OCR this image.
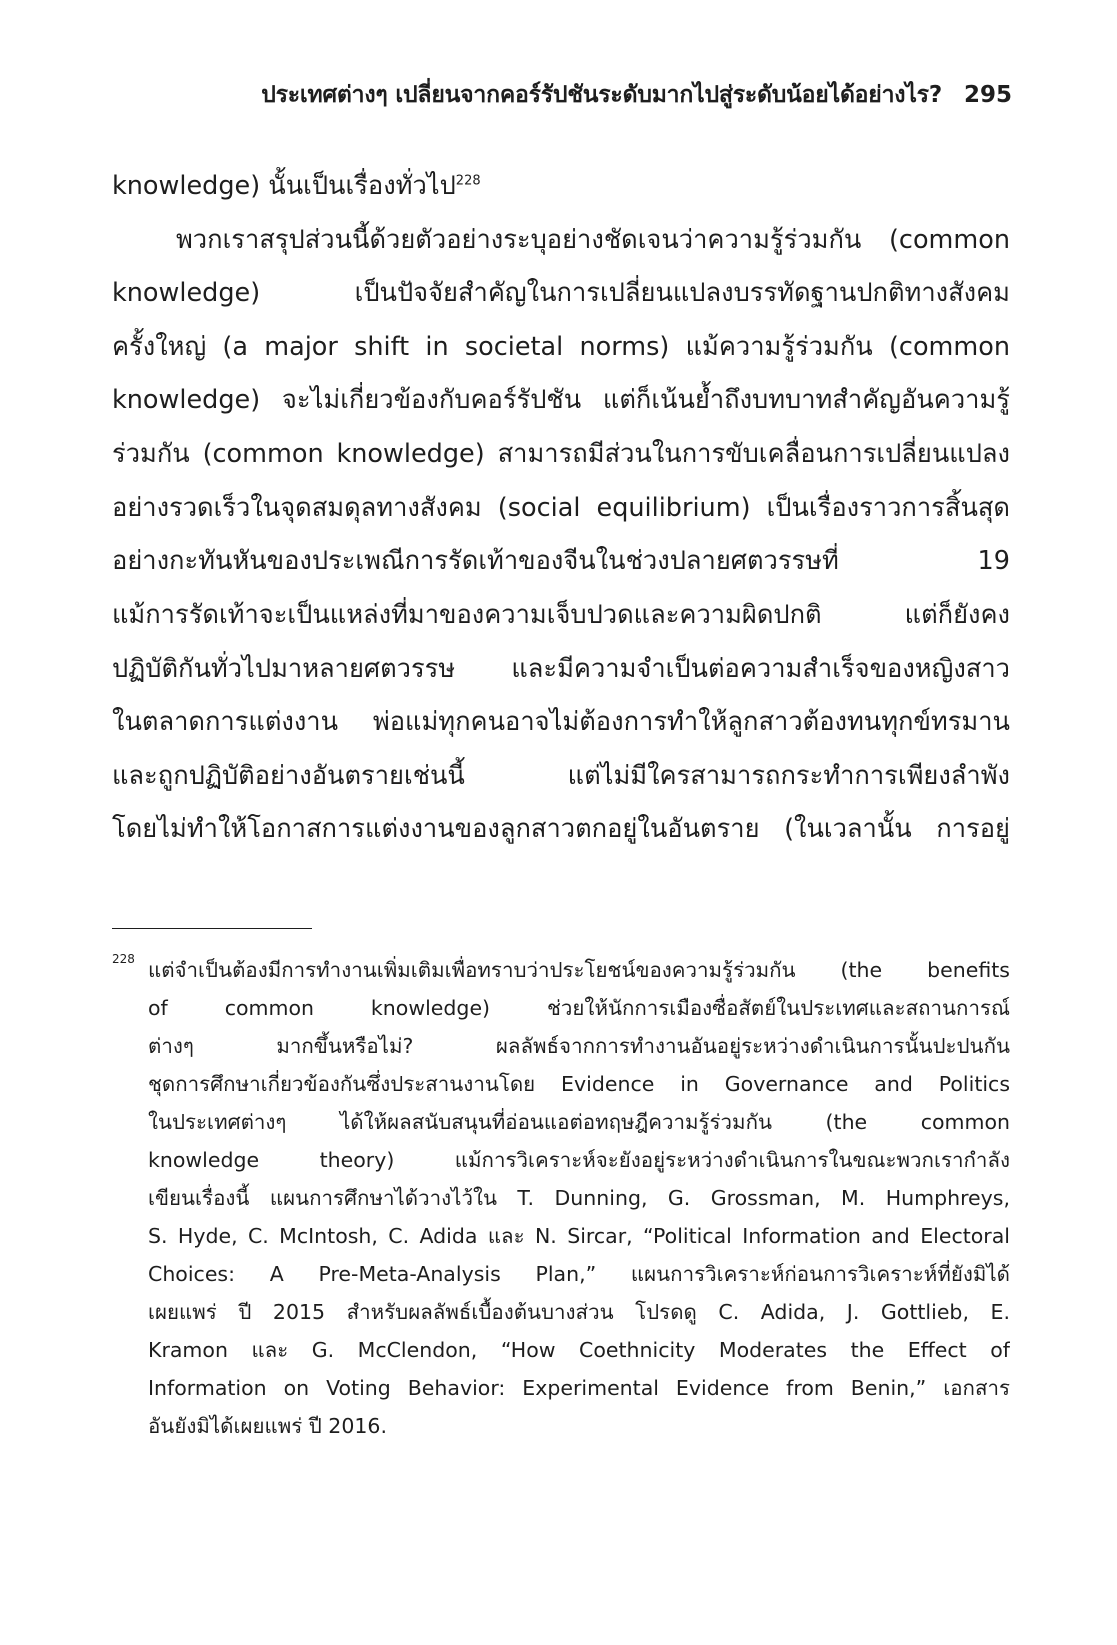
ประเทศต่างๆ เปลี่ยนจากคอร์รัปชันระดับมากไปสู่ระดับน้อยได้อย่างไร? 295
knowledge) นั้นเป็นเรื่องทั่วไป$^{228}$
พวกเราสรุปส่วนนี้ด้วยตัวอย่างระบุอย่างชัดเจนว่าความรู้ร่วมกัน (common
knowledge) เป็นปัจจัยสำคัญในการเปลี่ยนแปลงบรรทัดฐานปกติทางสังคม
ครั้งใหญ่ (a major shift in societal norms) แม้ความรู้ร่วมกัน (common
knowledge) จะไม่เกี่ยวข้องกับคอร์รัปชัน แต่ก็เน้นย้ำถึงบทบาทสำคัญอันความรู้
ร่วมกัน (common knowledge) สามารถมีส่วนในการขับเคลื่อนการเปลี่ยนแปลง
อย่างรวดเร็วในจุดสมดุลทางสังคม (social equilibrium) เป็นเรื่องราวการสิ้นสุด
อย่างกะทันหันของประเพณีการรัดเท้าของจีนในช่วงปลายศตวรรษที่ 19
แม้การรัดเท้าจะเป็นแหล่งที่มาของความเจ็บปวดและความผิดปกติ แต่ก็ยังคง
ปฏิบัติกันทั่วไปมาหลายศตวรรษ และมีความจำเป็นต่อความสำเร็จของหญิงสาว
ในตลาดการแต่งงาน พ่อแม่ทุกคนอาจไม่ต้องการทำให้ลูกสาวต้องทนทุกข์ทรมาน
และถูกปฏิบัติอย่างอันตรายเช่นนี้ แต่ไม่มีใครสามารถกระทำการเพียงลำพัง
โดยไม่ทำให้โอกาสการแต่งงานของลูกสาวตกอยู่ในอันตราย (ในเวลานั้น การอยู่
228 แต่จำเป็นต้องมีการทำงานเพิ่มเติมเพื่อทราบว่าประโยชน์ของความรู้ร่วมกัน (the benefits
of common knowledge) ช่วยให้นักการเมืองซื่อสัตย์ในประเทศและสถานการณ์
ต่างๆ มากขึ้นหรือไม่? ผลลัพธ์จากการทำงานอันอยู่ระหว่างดำเนินการนั้นปะปนกัน
ชุดการศึกษาเกี่ยวข้องกันซึ่งประสานงานโดย Evidence in Governance and Politics
ในประเทศต่างๆ ได้ให้ผลสนับสนุนที่อ่อนแอต่อทฤษฎีความรู้ร่วมกัน (the common
knowledge theory) แม้การวิเคราะห์จะยังอยู่ระหว่างดำเนินการในขณะพวกเรากำลัง
เขียนเรื่องนี้ แผนการศึกษาได้วางไว้ใน T. Dunning, G. Grossman, M. Humphreys,
S. Hyde, C. McIntosh, C. Adida และ N. Sircar, “Political Information and Electoral
Choices: A Pre-Meta-Analysis Plan,” แผนการวิเคราะห์ก่อนการวิเคราะห์ที่ยังมิได้
เผยแพร่ ปี 2015 สำหรับผลลัพธ์เบื้องต้นบางส่วน โปรดดู C. Adida, J. Gottlieb, E.
Kramon และ G. McClendon, “How Coethnicity Moderates the Effect of
Information on Voting Behavior: Experimental Evidence from Benin,” เอกสาร
อันยังมิได้เผยแพร่ ปี 2016.
